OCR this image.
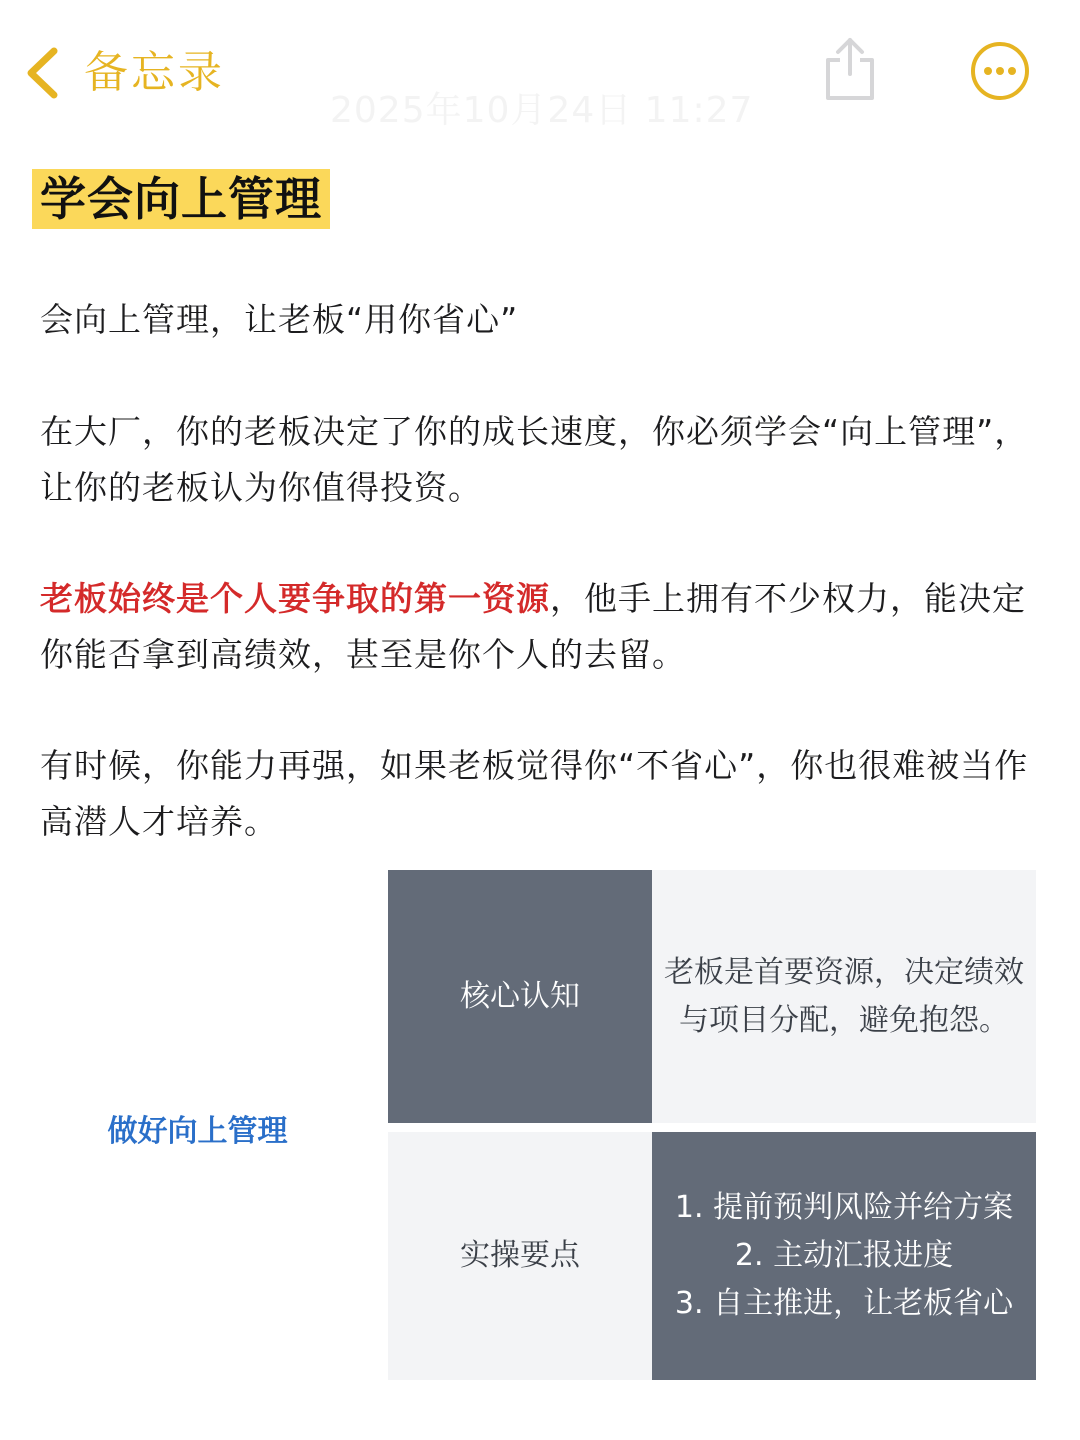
备忘录
2025年10月24日 11:27
学会向上管理

会向上管理，让老板“用你省心”

在大厂，你的老板决定了你的成长速度，你必须学会“向上管理”，让你的老板认为你值得投资。

老板始终是个人要争取的第一资源，他手上拥有不少权力，能决定你能否拿到高绩效，甚至是你个人的去留。

有时候，你能力再强，如果老板觉得你“不省心”，你也很难被当作高潜人才培养。

做好向上管理
核心认知
老板是首要资源，决定绩效
与项目分配，避免抱怨。
实操要点
1. 提前预判风险并给方案
2. 主动汇报进度
3. 自主推进，让老板省心
